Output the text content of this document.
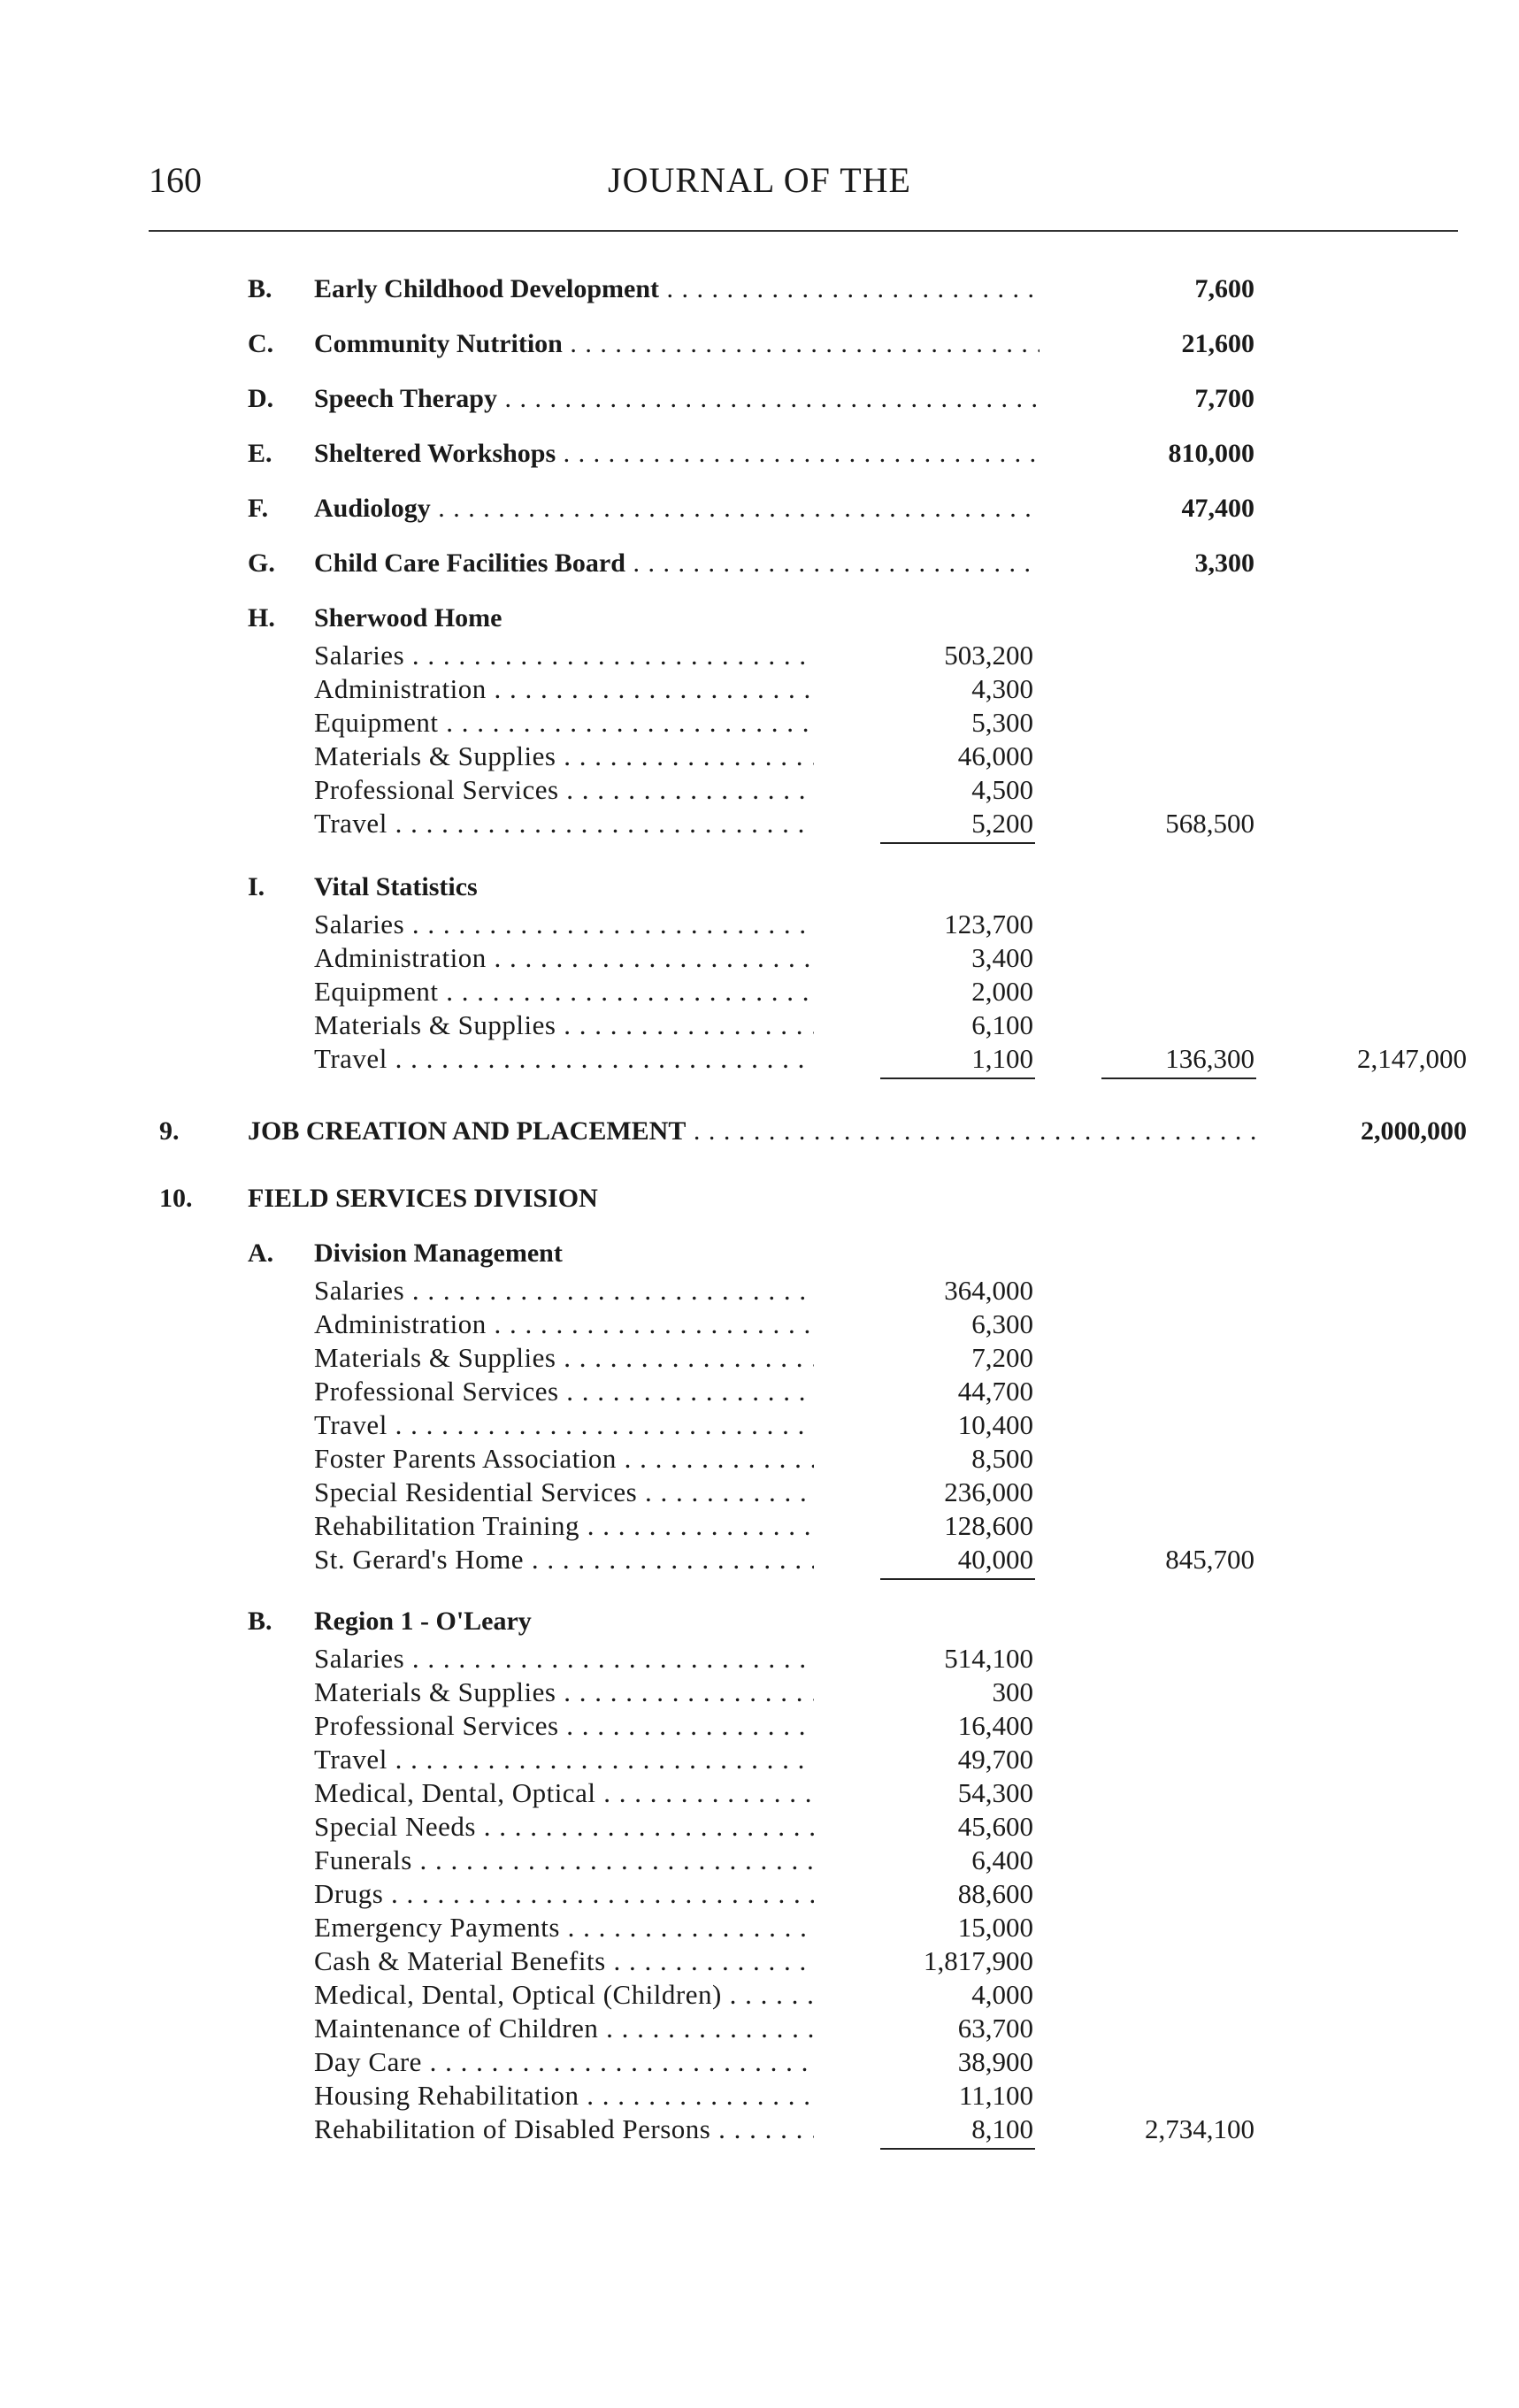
160	JOURNAL OF THE
B. Early Childhood Development . . .	7,600
C. Community Nutrition . . .	21,600
D. Speech Therapy . . .	7,700
E. Sheltered Workshops . . .	810,000
F. Audiology . . .	47,400
G. Child Care Facilities Board . . .	3,300
H. Sherwood Home
Salaries . . .	503,200
Administration . . .	4,300
Equipment . . .	5,300
Materials & Supplies . . .	46,000
Professional Services . . .	4,500
Travel . . .	5,200	568,500
I. Vital Statistics
Salaries . . .	123,700
Administration . . .	3,400
Equipment . . .	2,000
Materials & Supplies . . .	6,100
Travel . . .	1,100	136,300	2,147,000
9.	JOB CREATION AND PLACEMENT . . .	2,000,000
10. FIELD SERVICES DIVISION
A. Division Management
Salaries . . .	364,000
Administration . . .	6,300
Materials & Supplies . . .	7,200
Professional Services . . .	44,700
Travel . . .	10,400
Foster Parents Association . . .	8,500
Special Residential Services . . .	236,000
Rehabilitation Training . . .	128,600
St. Gerard's Home . . .	40,000	845,700
B. Region 1 - O'Leary
Salaries . . .	514,100
Materials & Supplies . . .	300
Professional Services . . .	16,400
Travel . . .	49,700
Medical, Dental, Optical . . .	54,300
Special Needs . . .	45,600
Funerals . . .	6,400
Drugs . . .	88,600
Emergency Payments . . .	15,000
Cash & Material Benefits . . .	1,817,900
Medical, Dental, Optical (Children) . . .	4,000
Maintenance of Children . . .	63,700
Day Care . . .	38,900
Housing Rehabilitation . . .	11,100
Rehabilitation of Disabled Persons . . .	8,100	2,734,100
